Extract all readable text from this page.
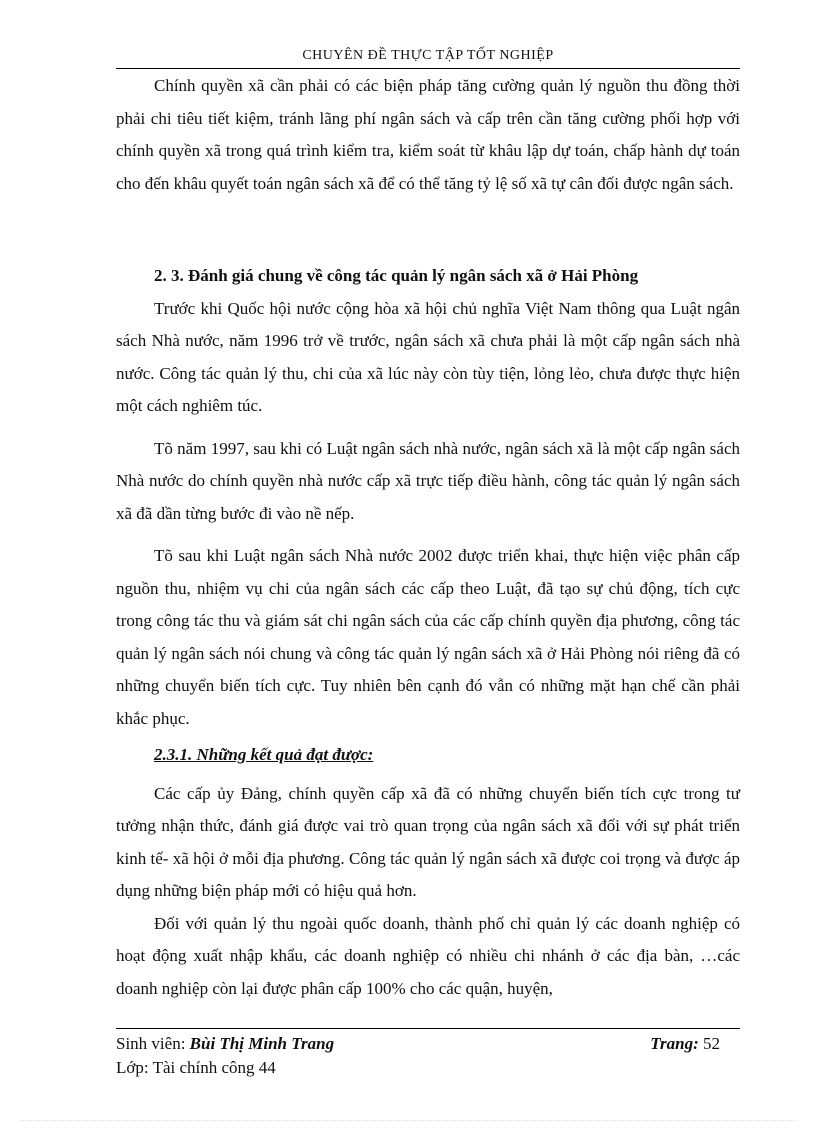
CHUYÊN ĐỀ THỰC TẬP TỐT NGHIỆP

Chính quyền xã cần phải có các biện pháp tăng cường quản lý nguồn thu đồng thời phải chi tiêu tiết kiệm, tránh lãng phí ngân sách và cấp trên cần tăng cường phối hợp với chính quyền xã trong quá trình kiểm tra, kiểm soát từ khâu lập dự toán, chấp hành dự toán cho đến khâu quyết toán ngân sách xã để có thể tăng tỷ lệ số xã tự cân đối được ngân sách.

2. 3. Đánh giá chung về công tác quản lý ngân sách xã ở Hải Phòng

Trước khi Quốc hội nước cộng hòa xã hội chủ nghĩa Việt Nam thông qua Luật ngân sách Nhà nước, năm 1996 trở về trước, ngân sách xã chưa phải là một cấp ngân sách nhà nước. Công tác quản lý thu, chi của xã lúc này còn tùy tiện, lỏng lẻo, chưa được thực hiện một cách nghiêm túc.

Tõ năm 1997, sau khi có Luật ngân sách nhà nước, ngân sách xã là một cấp ngân sách Nhà nước do chính quyền nhà nước cấp xã trực tiếp điều hành, công tác quản lý ngân sách xã đã dần từng bước đi vào nề nếp.

Tõ sau khi Luật ngân sách Nhà nước 2002 được triển khai, thực hiện việc phân cấp nguồn thu, nhiệm vụ chi của ngân sách các cấp theo Luật, đã tạo sự chủ động, tích cực trong công tác thu và giám sát chi ngân sách của các cấp chính quyền địa phương, công tác quản lý ngân sách nói chung và công tác quản lý ngân sách xã ở Hải Phòng nói riêng đã có những chuyển biến tích cực. Tuy nhiên bên cạnh đó vẫn có những mặt hạn chế cần phải khắc phục.

2.3.1. Những kết quả đạt được:

Các cấp ủy Đảng, chính quyền cấp xã đã có những chuyển biến tích cực trong tư tưởng nhận thức, đánh giá được vai trò quan trọng của ngân sách xã đối với sự phát triển kinh tế- xã hội ở mỗi địa phương. Công tác quản lý ngân sách xã được coi trọng và được áp dụng những biện pháp mới có hiệu quả hơn.

Đối với quản lý thu ngoài quốc doanh, thành phố chỉ quản lý các doanh nghiệp có hoạt động xuất nhập khẩu, các doanh nghiệp có nhiều chi nhánh ở các địa bàn, …các doanh nghiệp còn lại được phân cấp 100% cho các quận, huyện,

Sinh viên: Bùi Thị Minh Trang	Trang: 52
Lớp: Tài chính công 44
